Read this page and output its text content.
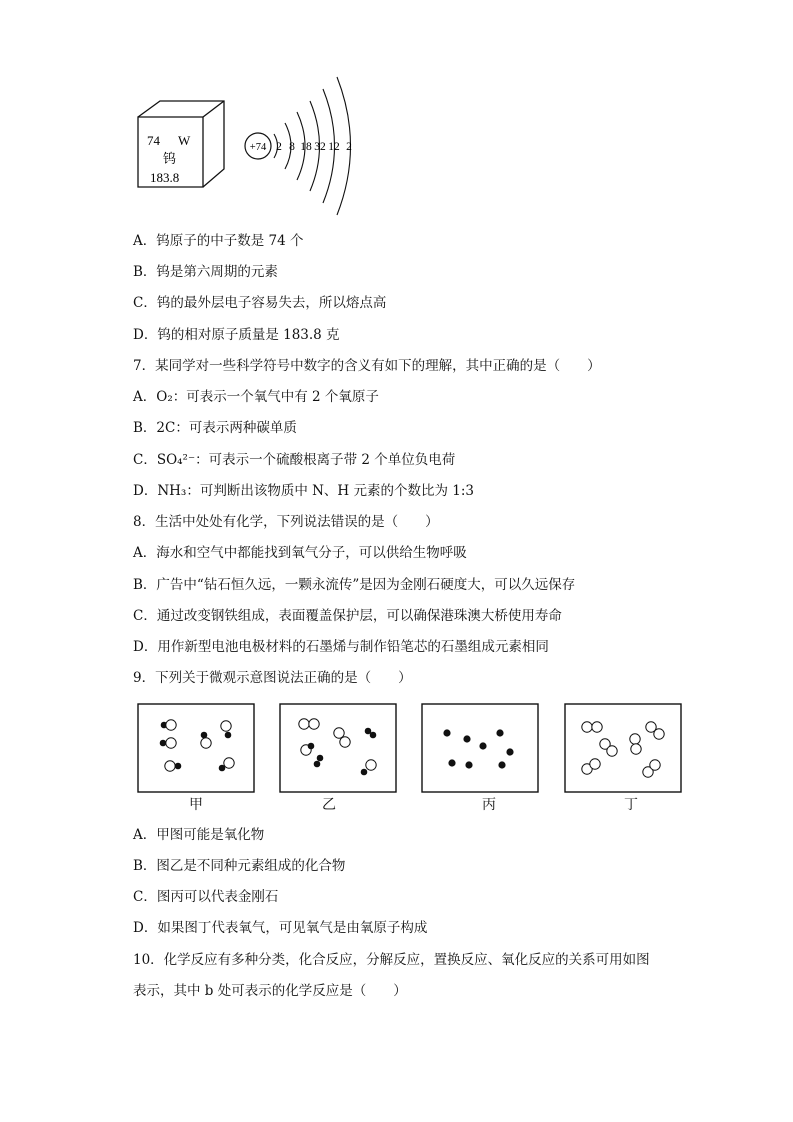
74 W
钨
183.8
+74 2 8 18 32 12 2
A．钨原子的中子数是 74 个
B．钨是第六周期的元素
C．钨的最外层电子容易失去，所以熔点高
D．钨的相对原子质量是 183.8 克
7．某同学对一些科学符号中数字的含义有如下的理解，其中正确的是（　　）
A．O₂：可表示一个氧气中有 2 个氧原子
B．2C：可表示两种碳单质
C．SO₄²⁻：可表示一个硫酸根离子带 2 个单位负电荷
D．NH₃：可判断出该物质中 N、H 元素的个数比为 1:3
8．生活中处处有化学，下列说法错误的是（　　）
A．海水和空气中都能找到氧气分子，可以供给生物呼吸
B．广告中“钻石恒久远，一颗永流传”是因为金刚石硬度大，可以久远保存
C．通过改变钢铁组成，表面覆盖保护层，可以确保港珠澳大桥使用寿命
D．用作新型电池电极材料的石墨烯与制作铅笔芯的石墨组成元素相同
9．下列关于微观示意图说法正确的是（　　）
甲	乙	丙	丁
A．甲图可能是氧化物
B．图乙是不同种元素组成的化合物
C．图丙可以代表金刚石
D．如果图丁代表氧气，可见氧气是由氧原子构成
10．化学反应有多种分类，化合反应，分解反应，置换反应、氧化反应的关系可用如图
表示，其中 b 处可表示的化学反应是（　　）
